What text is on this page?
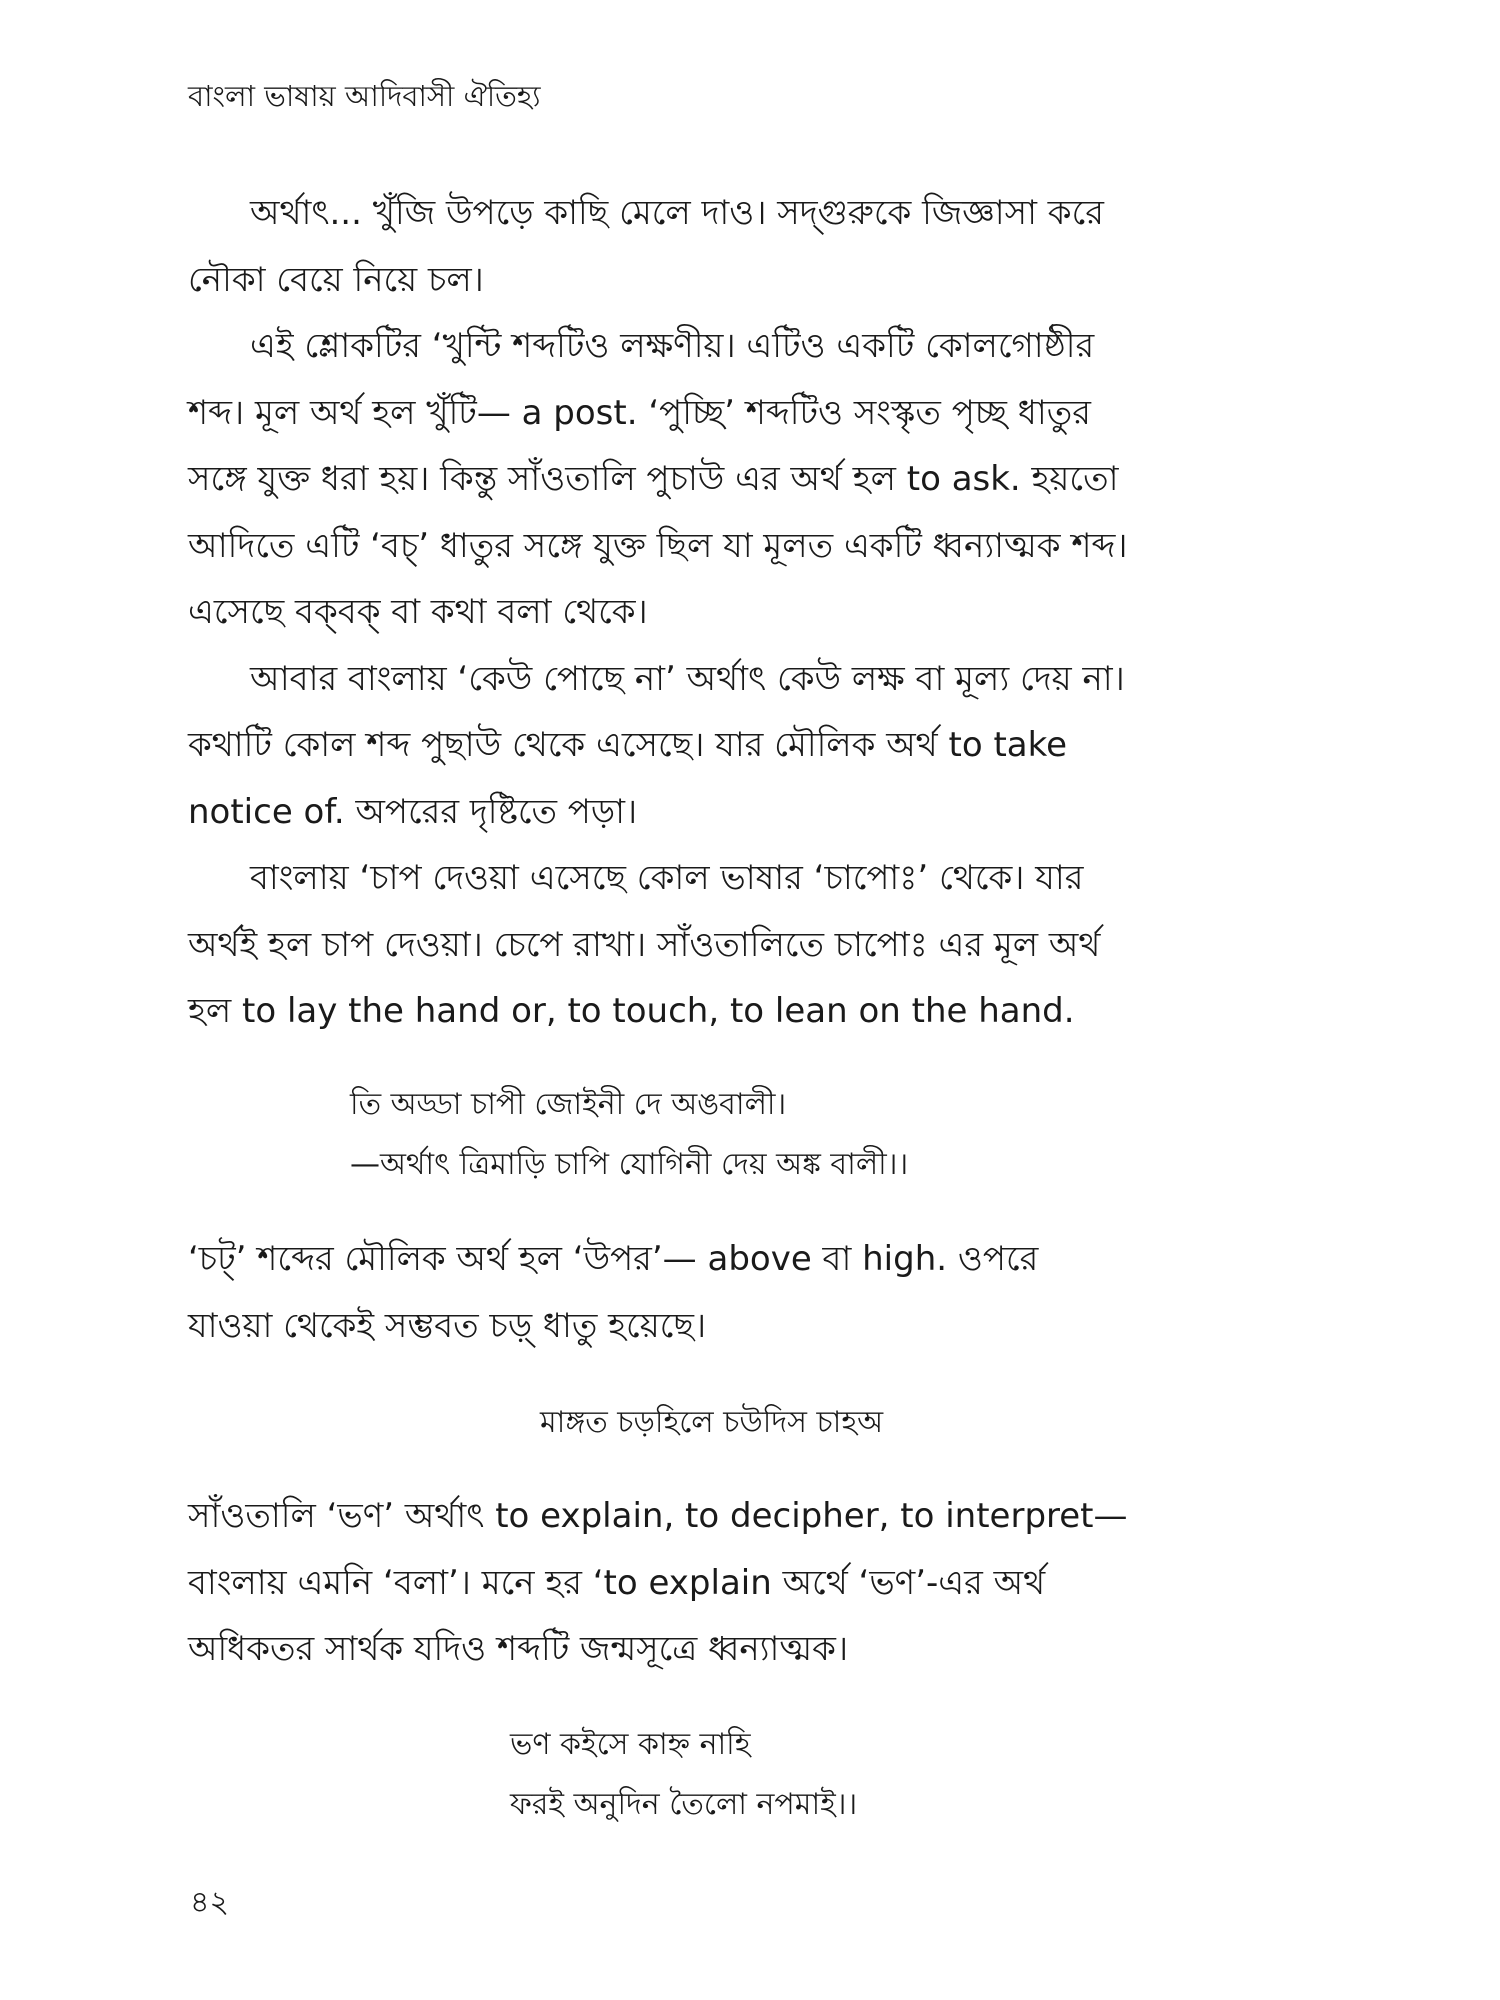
বাংলা ভাষায় আদিবাসী ঐতিহ্য
অর্থাৎ... খুঁজি উপড়ে কাছি মেলে দাও। সদ্‌গুরুকে জিজ্ঞাসা করে
নৌকা বেয়ে নিয়ে চল।
এই শ্লোকটির ‘খুন্টি শব্দটিও লক্ষণীয়। এটিও একটি কোলগোষ্ঠীর
শব্দ। মূল অর্থ হল খুঁটি— a post. ‘পুচ্ছি’ শব্দটিও সংস্কৃত পৃচ্ছ ধাতুর
সঙ্গে যুক্ত ধরা হয়। কিন্তু সাঁওতালি পুচাউ এর অর্থ হল to ask. হয়তো
আদিতে এটি ‘বচ্’ ধাতুর সঙ্গে যুক্ত ছিল যা মূলত একটি ধ্বন্যাত্মক শব্দ।
এসেছে বক্‌বক্ বা কথা বলা থেকে।
আবার বাংলায় ‘কেউ পোছে না’ অর্থাৎ কেউ লক্ষ বা মূল্য দেয় না।
কথাটি কোল শব্দ পুছাউ থেকে এসেছে। যার মৌলিক অর্থ to take
notice of. অপরের দৃষ্টিতে পড়া।
বাংলায় ‘চাপ দেওয়া এসেছে কোল ভাষার ‘চাপোঃ’ থেকে। যার
অর্থই হল চাপ দেওয়া। চেপে রাখা। সাঁওতালিতে চাপোঃ এর মূল অর্থ
হল to lay the hand or, to touch, to lean on the hand.
তি অড্ডা চাপী জোইনী দে অঙবালী।
—অর্থাৎ ত্রিমাড়ি চাপি যোগিনী দেয় অঙ্ক বালী।।
‘চট্’ শব্দের মৌলিক অর্থ হল ‘উপর’— above বা high. ওপরে
যাওয়া থেকেই সম্ভবত চড়্ ধাতু হয়েছে।
মাঙ্গত চড়হিলে চউদিস চাহঅ
সাঁওতালি ‘ভণ’ অর্থাৎ to explain, to decipher, to interpret—
বাংলায় এমনি ‘বলা’। মনে হর ‘to explain অর্থে ‘ভণ’-এর অর্থ
অধিকতর সার্থক যদিও শব্দটি জন্মসূত্রে ধ্বন্যাত্মক।
ভণ কইসে কাহ্ন নাহি
ফরই অনুদিন তৈলো নপমাই।।
৪২
